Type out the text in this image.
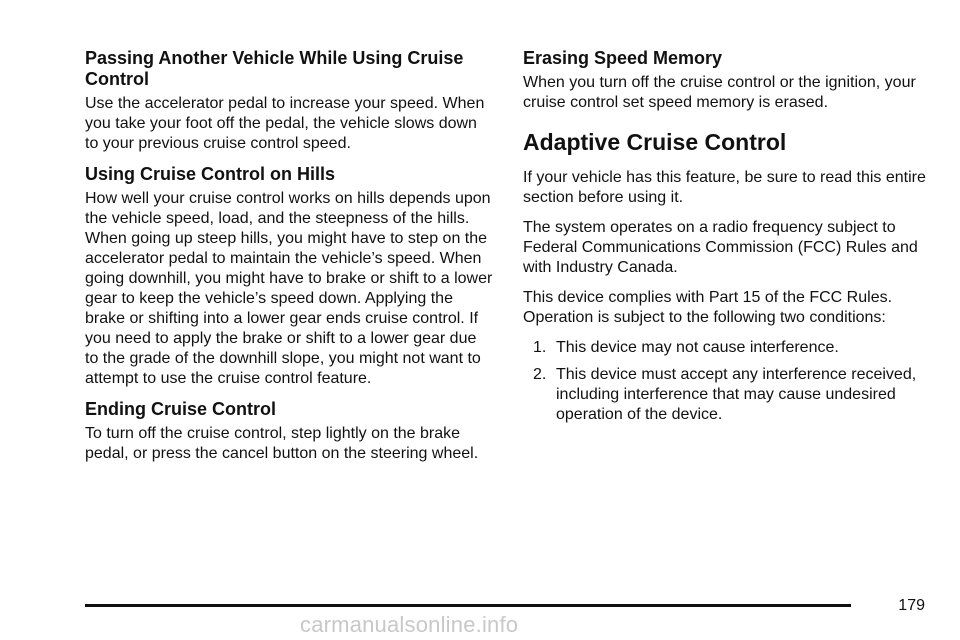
Passing Another Vehicle While Using Cruise Control

Use the accelerator pedal to increase your speed. When you take your foot off the pedal, the vehicle slows down to your previous cruise control speed.

Using Cruise Control on Hills

How well your cruise control works on hills depends upon the vehicle speed, load, and the steepness of the hills. When going up steep hills, you might have to step on the accelerator pedal to maintain the vehicle’s speed. When going downhill, you might have to brake or shift to a lower gear to keep the vehicle’s speed down. Applying the brake or shifting into a lower gear ends cruise control. If you need to apply the brake or shift to a lower gear due to the grade of the downhill slope, you might not want to attempt to use the cruise control feature.

Ending Cruise Control

To turn off the cruise control, step lightly on the brake pedal, or press the cancel button on the steering wheel.

Erasing Speed Memory

When you turn off the cruise control or the ignition, your cruise control set speed memory is erased.

Adaptive Cruise Control

If your vehicle has this feature, be sure to read this entire section before using it.

The system operates on a radio frequency subject to Federal Communications Commission (FCC) Rules and with Industry Canada.

This device complies with Part 15 of the FCC Rules. Operation is subject to the following two conditions:

1. This device may not cause interference.
2. This device must accept any interference received, including interference that may cause undesired operation of the device.
179
carmanualsonline.info
